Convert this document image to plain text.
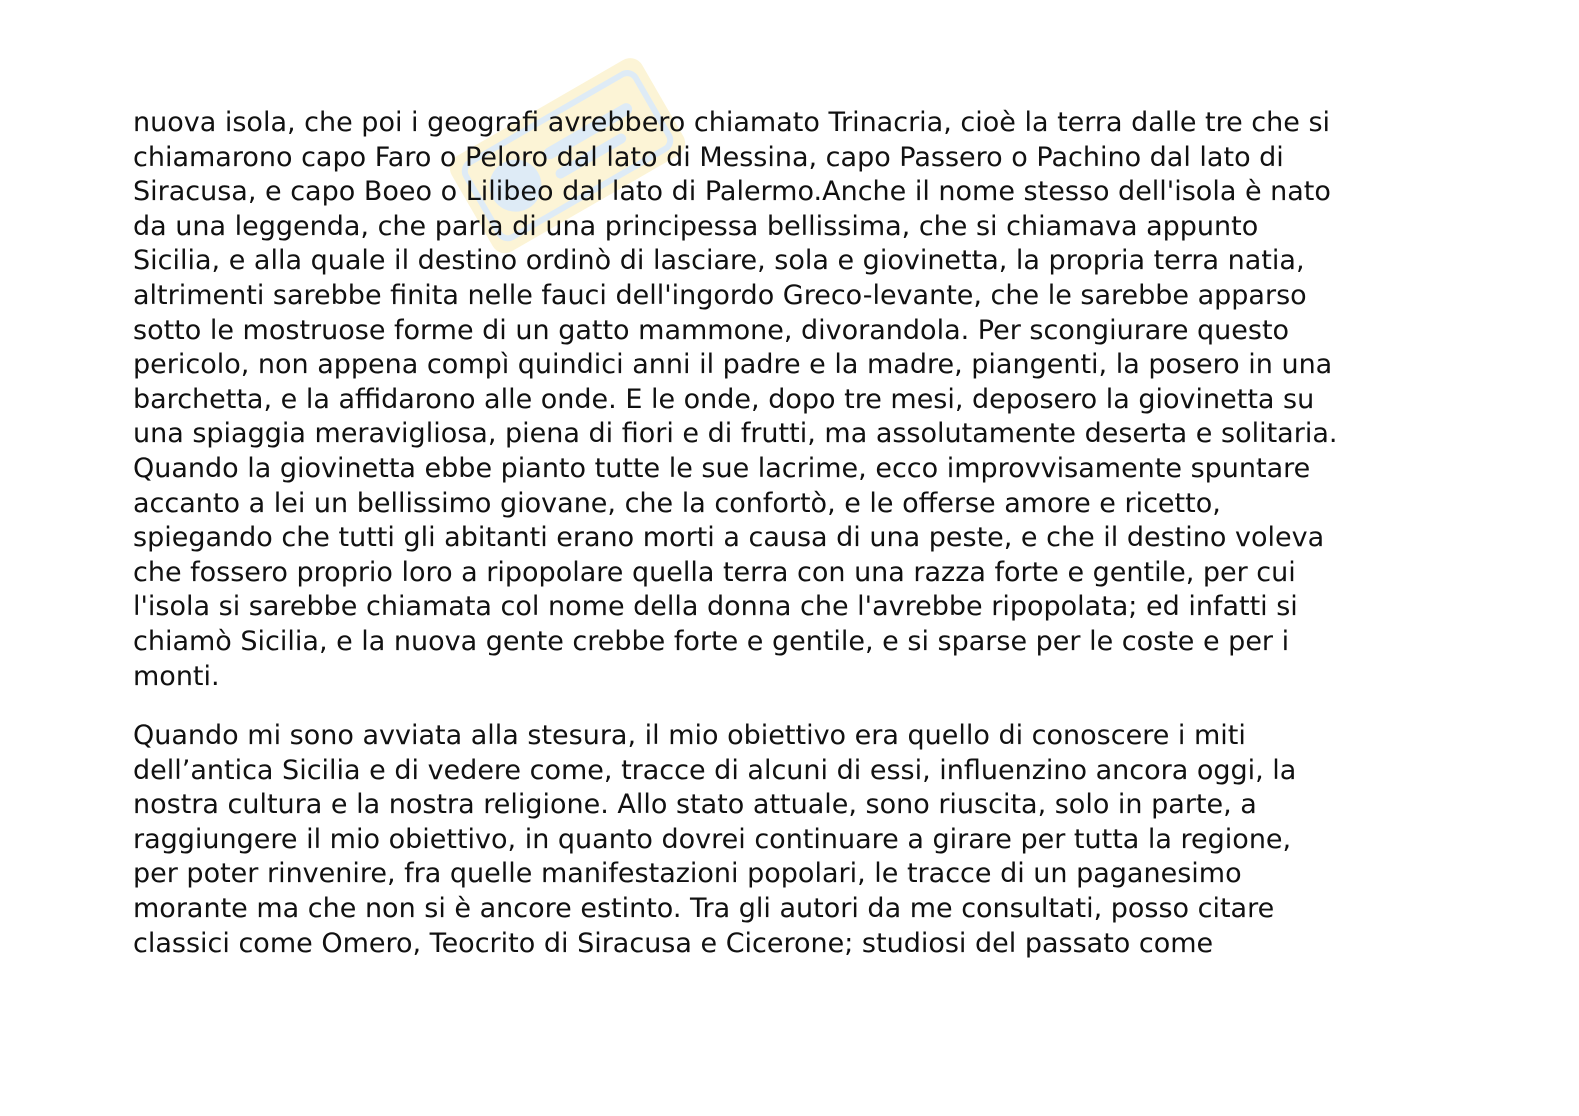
nuova isola, che poi i geografi avrebbero chiamato Trinacria, cioè la terra dalle tre che si
chiamarono capo Faro o Peloro dal lato di Messina, capo Passero o Pachino dal lato di
Siracusa, e capo Boeo o Lilibeo dal lato di Palermo.Anche il nome stesso dell'isola è nato
da una leggenda, che parla di una principessa bellissima, che si chiamava appunto
Sicilia, e alla quale il destino ordinò di lasciare, sola e giovinetta, la propria terra natia,
altrimenti sarebbe finita nelle fauci dell'ingordo Greco-levante, che le sarebbe apparso
sotto le mostruose forme di un gatto mammone, divorandola. Per scongiurare questo
pericolo, non appena compì quindici anni il padre e la madre, piangenti, la posero in una
barchetta, e la affidarono alle onde. E le onde, dopo tre mesi, deposero la giovinetta su
una spiaggia meravigliosa, piena di fiori e di frutti, ma assolutamente deserta e solitaria.
Quando la giovinetta ebbe pianto tutte le sue lacrime, ecco improvvisamente spuntare
accanto a lei un bellissimo giovane, che la confortò, e le offerse amore e ricetto,
spiegando che tutti gli abitanti erano morti a causa di una peste, e che il destino voleva
che fossero proprio loro a ripopolare quella terra con una razza forte e gentile, per cui
l'isola si sarebbe chiamata col nome della donna che l'avrebbe ripopolata; ed infatti si
chiamò Sicilia, e la nuova gente crebbe forte e gentile, e si sparse per le coste e per i
monti.

Quando mi sono avviata alla stesura, il mio obiettivo era quello di conoscere i miti
dell’antica Sicilia e di vedere come, tracce di alcuni di essi, influenzino ancora oggi, la
nostra cultura e la nostra religione. Allo stato attuale, sono riuscita, solo in parte, a
raggiungere il mio obiettivo, in quanto dovrei continuare a girare per tutta la regione,
per poter rinvenire, fra quelle manifestazioni popolari, le tracce di un paganesimo
morante ma che non si è ancore estinto. Tra gli autori da me consultati, posso citare
classici come Omero, Teocrito di Siracusa e Cicerone; studiosi del passato come
